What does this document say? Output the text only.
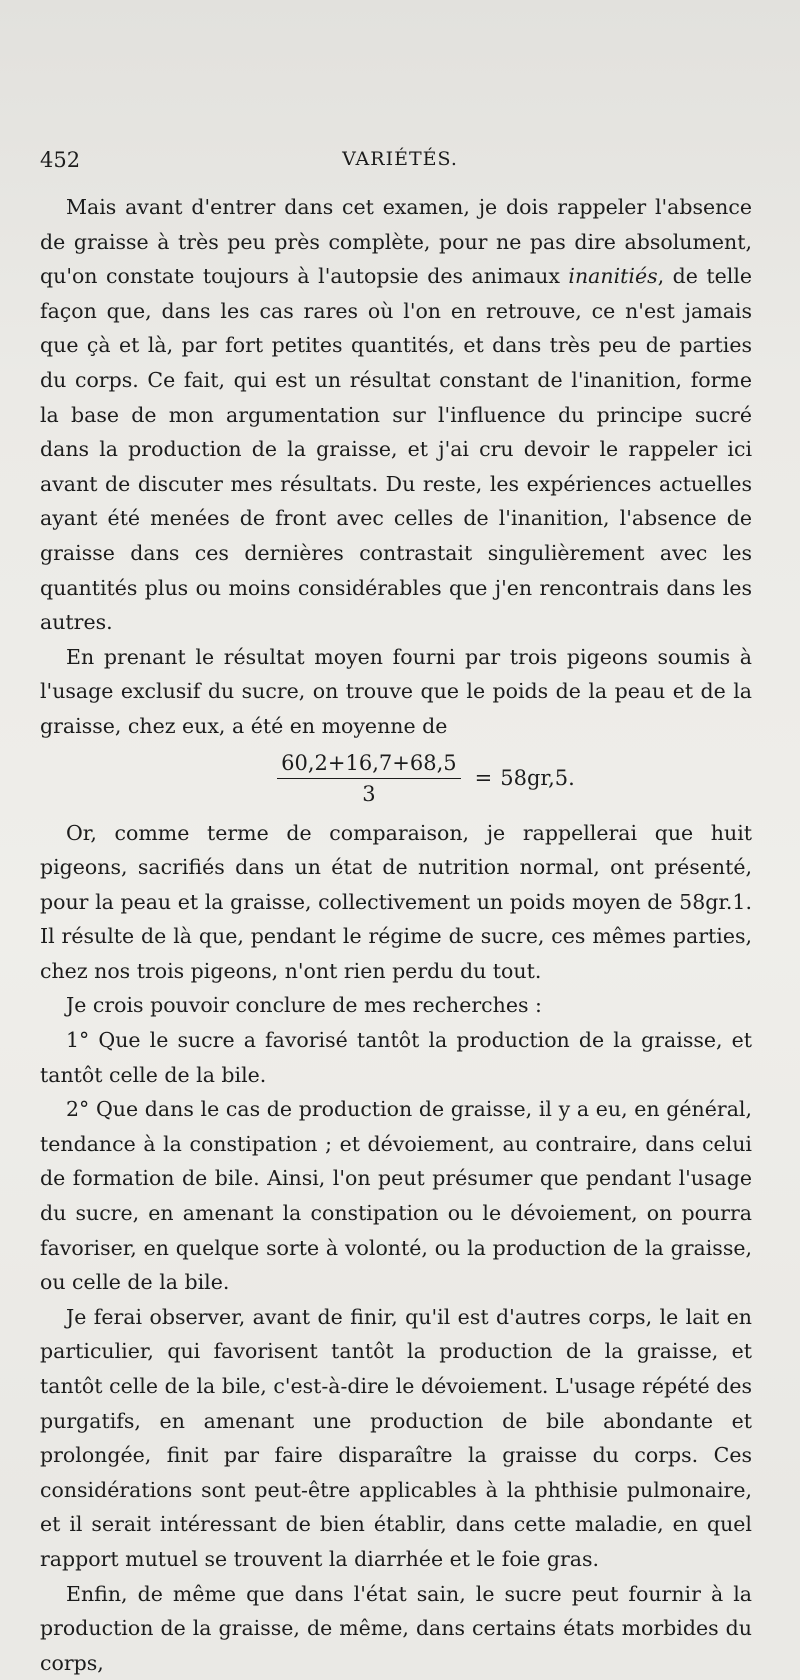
452	VARIÉTÉS.

Mais avant d'entrer dans cet examen, je dois rappeler l'absence de graisse à très peu près complète, pour ne pas dire absolument, qu'on constate toujours à l'autopsie des animaux inanitiés, de telle façon que, dans les cas rares où l'on en retrouve, ce n'est jamais que çà et là, par fort petites quantités, et dans très peu de parties du corps. Ce fait, qui est un résultat constant de l'inanition, forme la base de mon argumentation sur l'influence du principe sucré dans la production de la graisse, et j'ai cru devoir le rappeler ici avant de discuter mes résultats. Du reste, les expériences actuelles ayant été menées de front avec celles de l'inanition, l'absence de graisse dans ces dernières contrastait singulièrement avec les quantités plus ou moins considérables que j'en rencontrais dans les autres.

En prenant le résultat moyen fourni par trois pigeons soumis à l'usage exclusif du sucre, on trouve que le poids de la peau et de la graisse, chez eux, a été en moyenne de

$\frac{60,2+16,7+68,5}{3} = 58gr,5$.

Or, comme terme de comparaison, je rappellerai que huit pigeons, sacrifiés dans un état de nutrition normal, ont présenté, pour la peau et la graisse, collectivement un poids moyen de 58gr.1. Il résulte de là que, pendant le régime de sucre, ces mêmes parties, chez nos trois pigeons, n'ont rien perdu du tout.

Je crois pouvoir conclure de mes recherches :

1° Que le sucre a favorisé tantôt la production de la graisse, et tantôt celle de la bile.

2° Que dans le cas de production de graisse, il y a eu, en général, tendance à la constipation ; et dévoiement, au contraire, dans celui de formation de bile. Ainsi, l'on peut présumer que pendant l'usage du sucre, en amenant la constipation ou le dévoiement, on pourra favoriser, en quelque sorte à volonté, ou la production de la graisse, ou celle de la bile.

Je ferai observer, avant de finir, qu'il est d'autres corps, le lait en particulier, qui favorisent tantôt la production de la graisse, et tantôt celle de la bile, c'est-à-dire le dévoiement. L'usage répété des purgatifs, en amenant une production de bile abondante et prolongée, finit par faire disparaître la graisse du corps. Ces considérations sont peut-être applicables à la phthisie pulmonaire, et il serait intéressant de bien établir, dans cette maladie, en quel rapport mutuel se trouvent la diarrhée et le foie gras.

Enfin, de même que dans l'état sain, le sucre peut fournir à la production de la graisse, de même, dans certains états morbides du corps,
